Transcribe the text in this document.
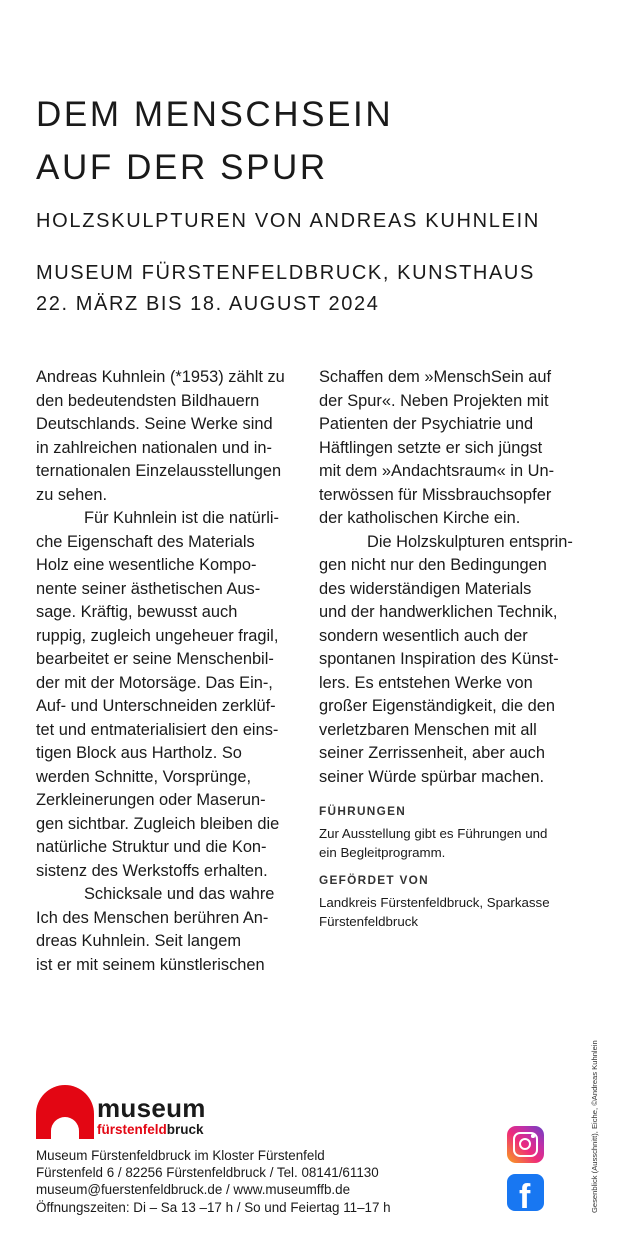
DEM MENSCHSEIN
AUF DER SPUR
HOLZSKULPTUREN VON ANDREAS KUHNLEIN
MUSEUM FÜRSTENFELDBRUCK, KUNSTHAUS
22. MÄRZ BIS 18. AUGUST 2024
Andreas Kuhnlein (*1953) zählt zu
den bedeutendsten Bildhauern
Deutschlands. Seine Werke sind
in zahlreichen nationalen und in-
ternationalen Einzelausstellungen
zu sehen.
Für Kuhnlein ist die natürli-
che Eigenschaft des Materials
Holz eine wesentliche Kompo-
nente seiner ästhetischen Aus-
sage. Kräftig, bewusst auch
ruppig, zugleich ungeheuer fragil,
bearbeitet er seine Menschenbil-
der mit der Motorsäge. Das Ein-,
Auf- und Unterschneiden zerklüf-
tet und entmaterialisiert den eins-
tigen Block aus Hartholz. So
werden Schnitte, Vorsprünge,
Zerkleinerungen oder Maserun-
gen sichtbar. Zugleich bleiben die
natürliche Struktur und die Kon-
sistenz des Werkstoffs erhalten.
Schicksale und das wahre
Ich des Menschen berühren An-
dreas Kuhnlein. Seit langem
ist er mit seinem künstlerischen
Schaffen dem »MenschSein auf
der Spur«. Neben Projekten mit
Patienten der Psychiatrie und
Häftlingen setzte er sich jüngst
mit dem »Andachtsraum« in Un-
terwössen für Missbrauchsopfer
der katholischen Kirche ein.
Die Holzskulpturen entsprin-
gen nicht nur den Bedingungen
des widerständigen Materials
und der handwerklichen Technik,
sondern wesentlich auch der
spontanen Inspiration des Künst-
lers. Es entstehen Werke von
großer Eigenständigkeit, die den
verletzbaren Menschen mit all
seiner Zerrissenheit, aber auch
seiner Würde spürbar machen.
FÜHRUNGEN
Zur Ausstellung gibt es Führungen und
ein Begleitprogramm.
GEFÖRDET VON
Landkreis Fürstenfeldbruck, Sparkasse
Fürstenfeldbruck
museum
fürstenfeldbruck
Museum Fürstenfeldbruck im Kloster Fürstenfeld
Fürstenfeld 6 / 82256 Fürstenfeldbruck / Tel. 08141/61130
museum@fuerstenfeldbruck.de / www.museumffb.de
Öffnungszeiten: Di – Sa 13 –17 h / So und Feiertag 11–17 h	f	Gesenblick (Ausschnitt), Eiche, ©Andreas Kuhnlein
